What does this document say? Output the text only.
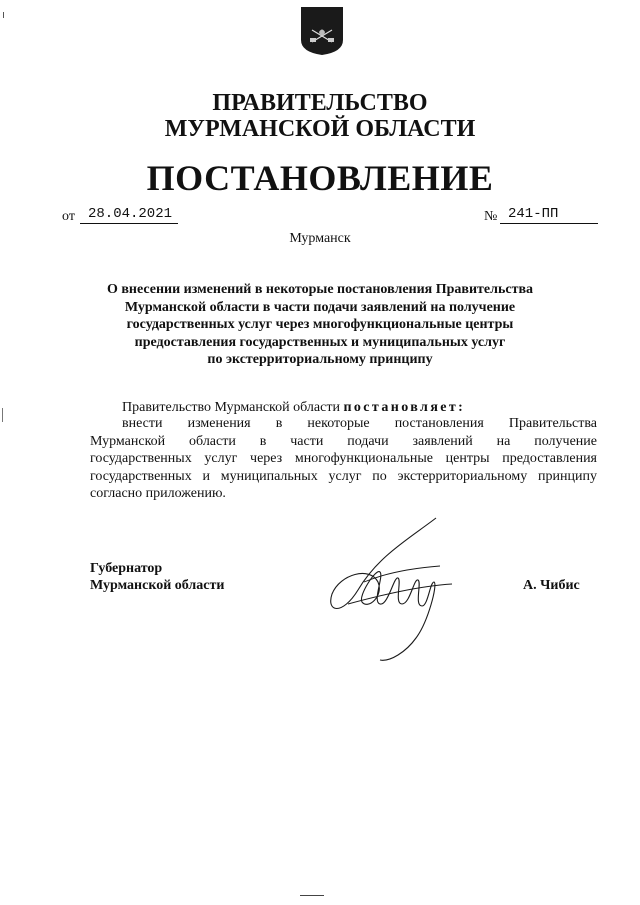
ПРАВИТЕЛЬСТВО
МУРМАНСКОЙ ОБЛАСТИ
ПОСТАНОВЛЕНИЕ
от 28.04.2021	№ 241-ПП
Мурманск
О внесении изменений в некоторые постановления Правительства
Мурманской области в части подачи заявлений на получение
государственных услуг через многофункциональные центры
предоставления государственных и муниципальных услуг
по экстерриториальному принципу
Правительство Мурманской области постановляет:
внести изменения в некоторые постановления Правительства
Мурманской области в части подачи заявлений на получение
государственных услуг через многофункциональные центры предоставления
государственных и муниципальных услуг по экстерриториальному принципу
согласно приложению.
Губернатор
Мурманской области	А. Чибис
